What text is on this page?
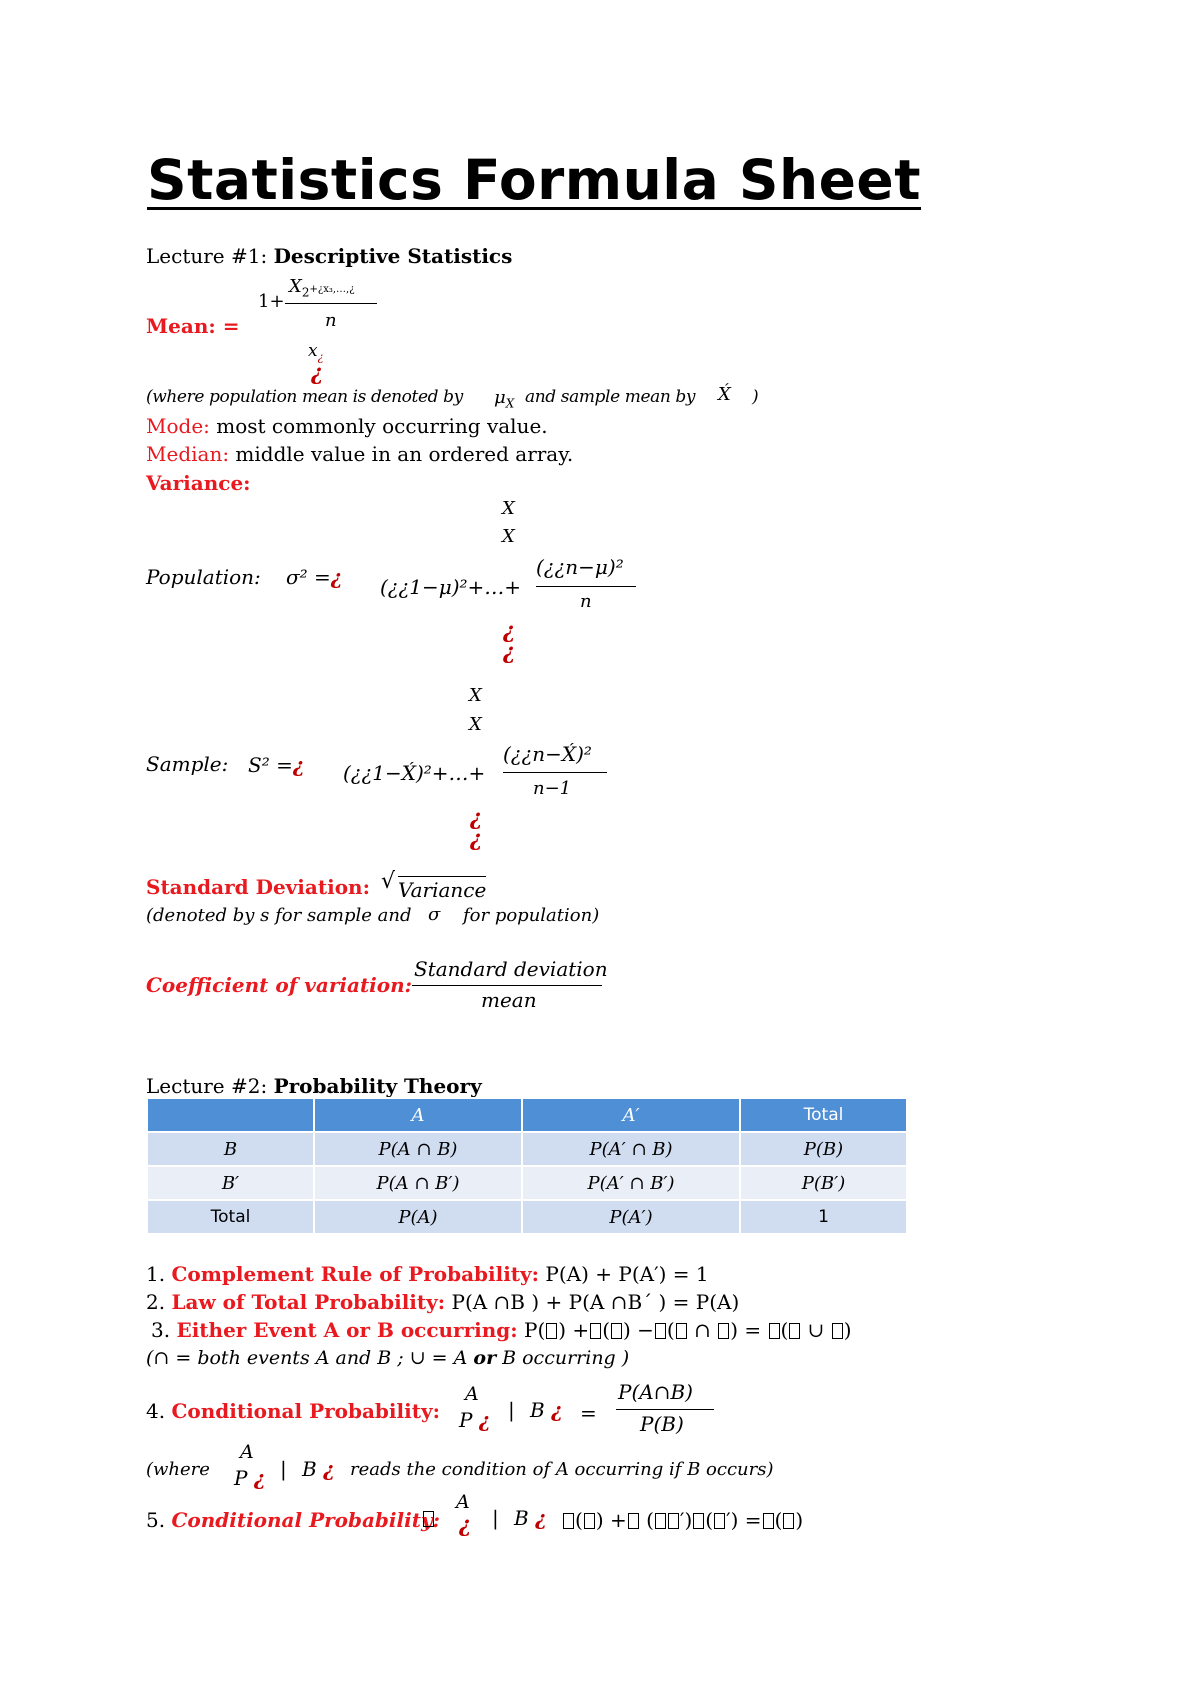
Statistics Formula Sheet
Lecture #1: Descriptive Statistics
Mean: =
1+
$X_2+¿x_3,\dots,¿$
n
$x_¿$
¿
(where population mean is denoted by $\mu_X$ and sample mean by X́ )
Mode: most commonly occurring value.
Median: middle value in an ordered array.
Variance:
X
X
Population: σ² =¿ (¿¿1−μ)²+…+
(¿¿n−μ)²
n
¿
¿
X
X
Sample: S² =¿ (¿¿1−X́)²+…+
(¿¿n−X́)²
n−1
¿
¿
Standard Deviation: √ Variance
(denoted by s for sample and σ for population)
Coefficient of variation:
Standard deviation
mean
Lecture #2: Probability Theory
	A	A′	Total
B	P(A ∩ B)	P(A′ ∩ B)	P(B)
B′	P(A ∩ B′)	P(A′ ∩ B′)	P(B′)
Total	P(A)	P(A′)	1
1. Complement Rule of Probability: P(A) + P(A′) = 1
2. Law of Total Probability: P(A ∩B ) + P(A ∩B´ ) = P(A)
3. Either Event A or B occurring: P( ) + ( ) − ( ∩ ) = ( ∪ )
(∩ = both events A and B ; ∪ = A or B occurring )
4. Conditional Probability:
A
P ¿ | B ¿ =
P(A∩B)
P(B)
(where
A
P ¿ | B ¿ reads the condition of A occurring if B occurs)
5. Conditional Probability:
A
¿ | B ¿	( ) + ( ′) ( ′) = ( )
